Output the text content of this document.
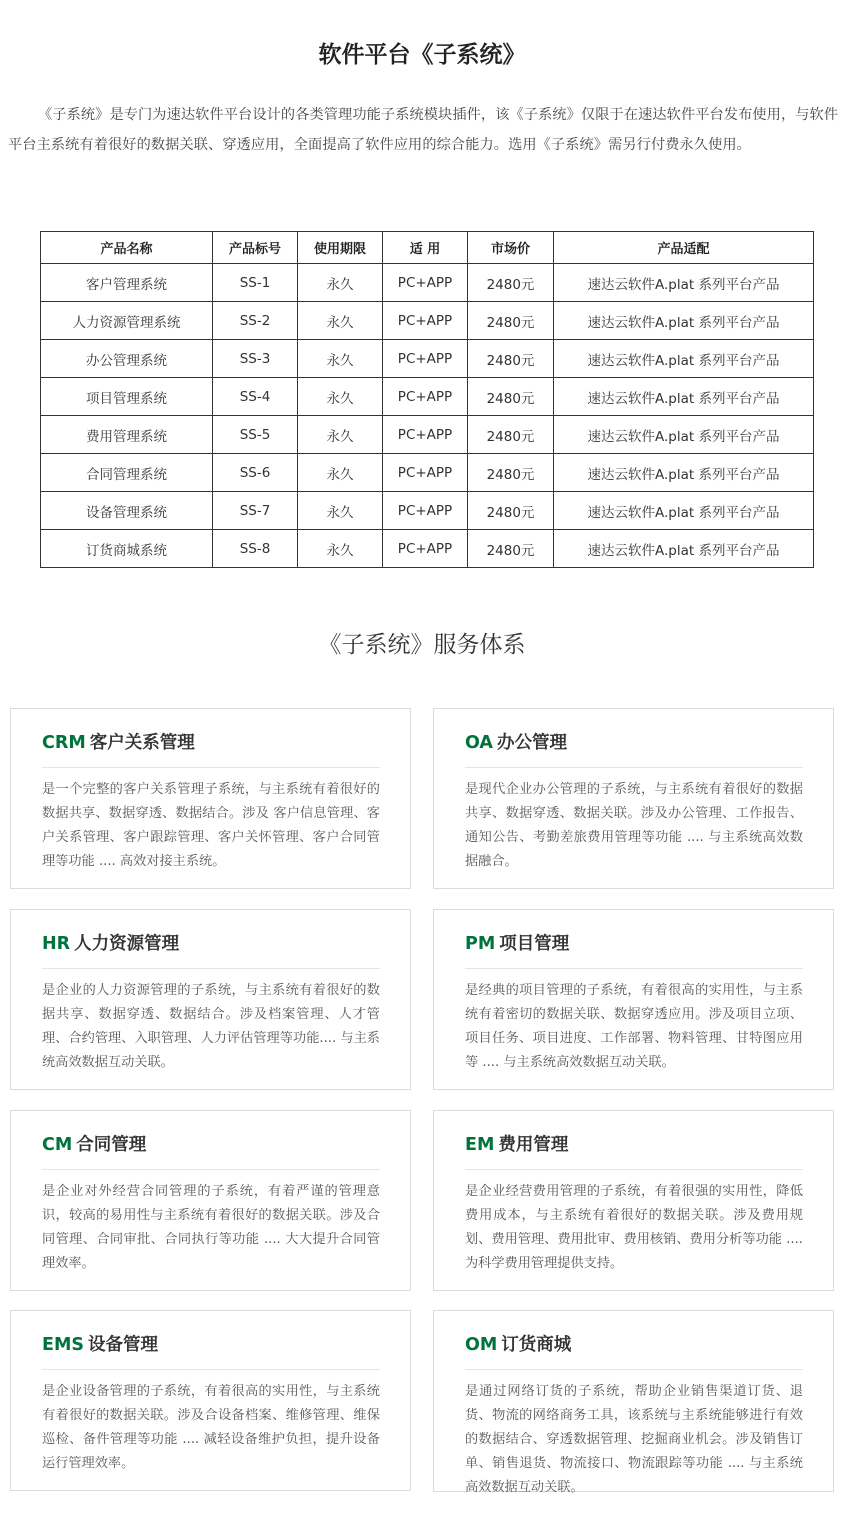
软件平台《子系统》

《子系统》是专门为速达软件平台设计的各类管理功能子系统模块插件，该《子系统》仅限于在速达软件平台发布使用，与软件平台主系统有着很好的数据关联、穿透应用，全面提高了软件应用的综合能力。选用《子系统》需另行付费永久使用。

产品名称	产品标号	使用期限	适 用	市场价	产品适配
客户管理系统	SS-1	永久	PC+APP	2480元	速达云软件A.plat 系列平台产品
人力资源管理系统	SS-2	永久	PC+APP	2480元	速达云软件A.plat 系列平台产品
办公管理系统	SS-3	永久	PC+APP	2480元	速达云软件A.plat 系列平台产品
项目管理系统	SS-4	永久	PC+APP	2480元	速达云软件A.plat 系列平台产品
费用管理系统	SS-5	永久	PC+APP	2480元	速达云软件A.plat 系列平台产品
合同管理系统	SS-6	永久	PC+APP	2480元	速达云软件A.plat 系列平台产品
设备管理系统	SS-7	永久	PC+APP	2480元	速达云软件A.plat 系列平台产品
订货商城系统	SS-8	永久	PC+APP	2480元	速达云软件A.plat 系列平台产品
《子系统》服务体系
CRM 客户关系管理

是一个完整的客户关系管理子系统，与主系统有着很好的数据共享、数据穿透、数据结合。涉及 客户信息管理、客户关系管理、客户跟踪管理、客户关怀管理、客户合同管理等功能 .... 高效对接主系统。

OA 办公管理

是现代企业办公管理的子系统，与主系统有着很好的数据共享、数据穿透、数据关联。涉及办公管理、工作报告、通知公告、考勤差旅费用管理等功能 .... 与主系统高效数据融合。

HR 人力资源管理

是企业的人力资源管理的子系统，与主系统有着很好的数据共享、数据穿透、数据结合。涉及档案管理、人才管理、合约管理、入职管理、人力评估管理等功能.... 与主系统高效数据互动关联。

PM 项目管理

是经典的项目管理的子系统，有着很高的实用性，与主系统有着密切的数据关联、数据穿透应用。涉及项目立项、项目任务、项目进度、工作部署、物料管理、甘特图应用等 .... 与主系统高效数据互动关联。

CM 合同管理

是企业对外经营合同管理的子系统，有着严谨的管理意识，较高的易用性与主系统有着很好的数据关联。涉及合同管理、合同审批、合同执行等功能 .... 大大提升合同管理效率。

EM 费用管理

是企业经营费用管理的子系统，有着很强的实用性，降低费用成本，与主系统有着很好的数据关联。涉及费用规划、费用管理、费用批审、费用核销、费用分析等功能 .... 为科学费用管理提供支持。

EMS 设备管理

是企业设备管理的子系统，有着很高的实用性，与主系统有着很好的数据关联。涉及合设备档案、维修管理、维保巡检、备件管理等功能 .... 减轻设备维护负担，提升设备运行管理效率。

OM 订货商城

是通过网络订货的子系统，帮助企业销售渠道订货、退货、物流的网络商务工具，该系统与主系统能够进行有效的数据结合、穿透数据管理、挖掘商业机会。涉及销售订单、销售退货、物流接口、物流跟踪等功能 .... 与主系统高效数据互动关联。
